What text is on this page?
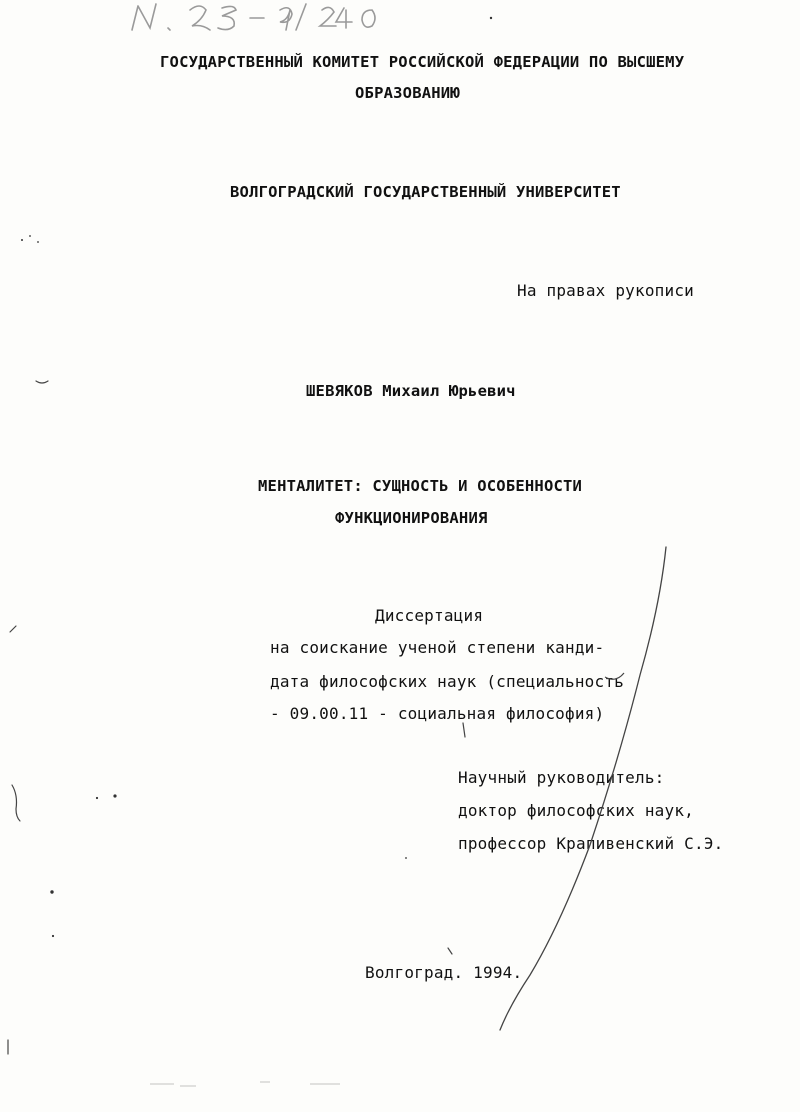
ГОСУДАРСТВЕННЫЙ КОМИТЕТ РОССИЙСКОЙ ФЕДЕРАЦИИ ПО ВЫСШЕМУ
ОБРАЗОВАНИЮ
ВОЛГОГРАДСКИЙ ГОСУДАРСТВЕННЫЙ УНИВЕРСИТЕТ
На правах рукописи
ШЕВЯКОВ Михаил Юрьевич
МЕНТАЛИТЕТ: СУЩНОСТЬ И ОСОБЕННОСТИ
ФУНКЦИОНИРОВАНИЯ
Диссертация
на соискание ученой степени канди-
дата философских наук (специальность
- 09.00.11 - социальная философия)
Научный руководитель:
доктор философских наук,
профессор Крапивенский С.Э.
Волгоград. 1994.
